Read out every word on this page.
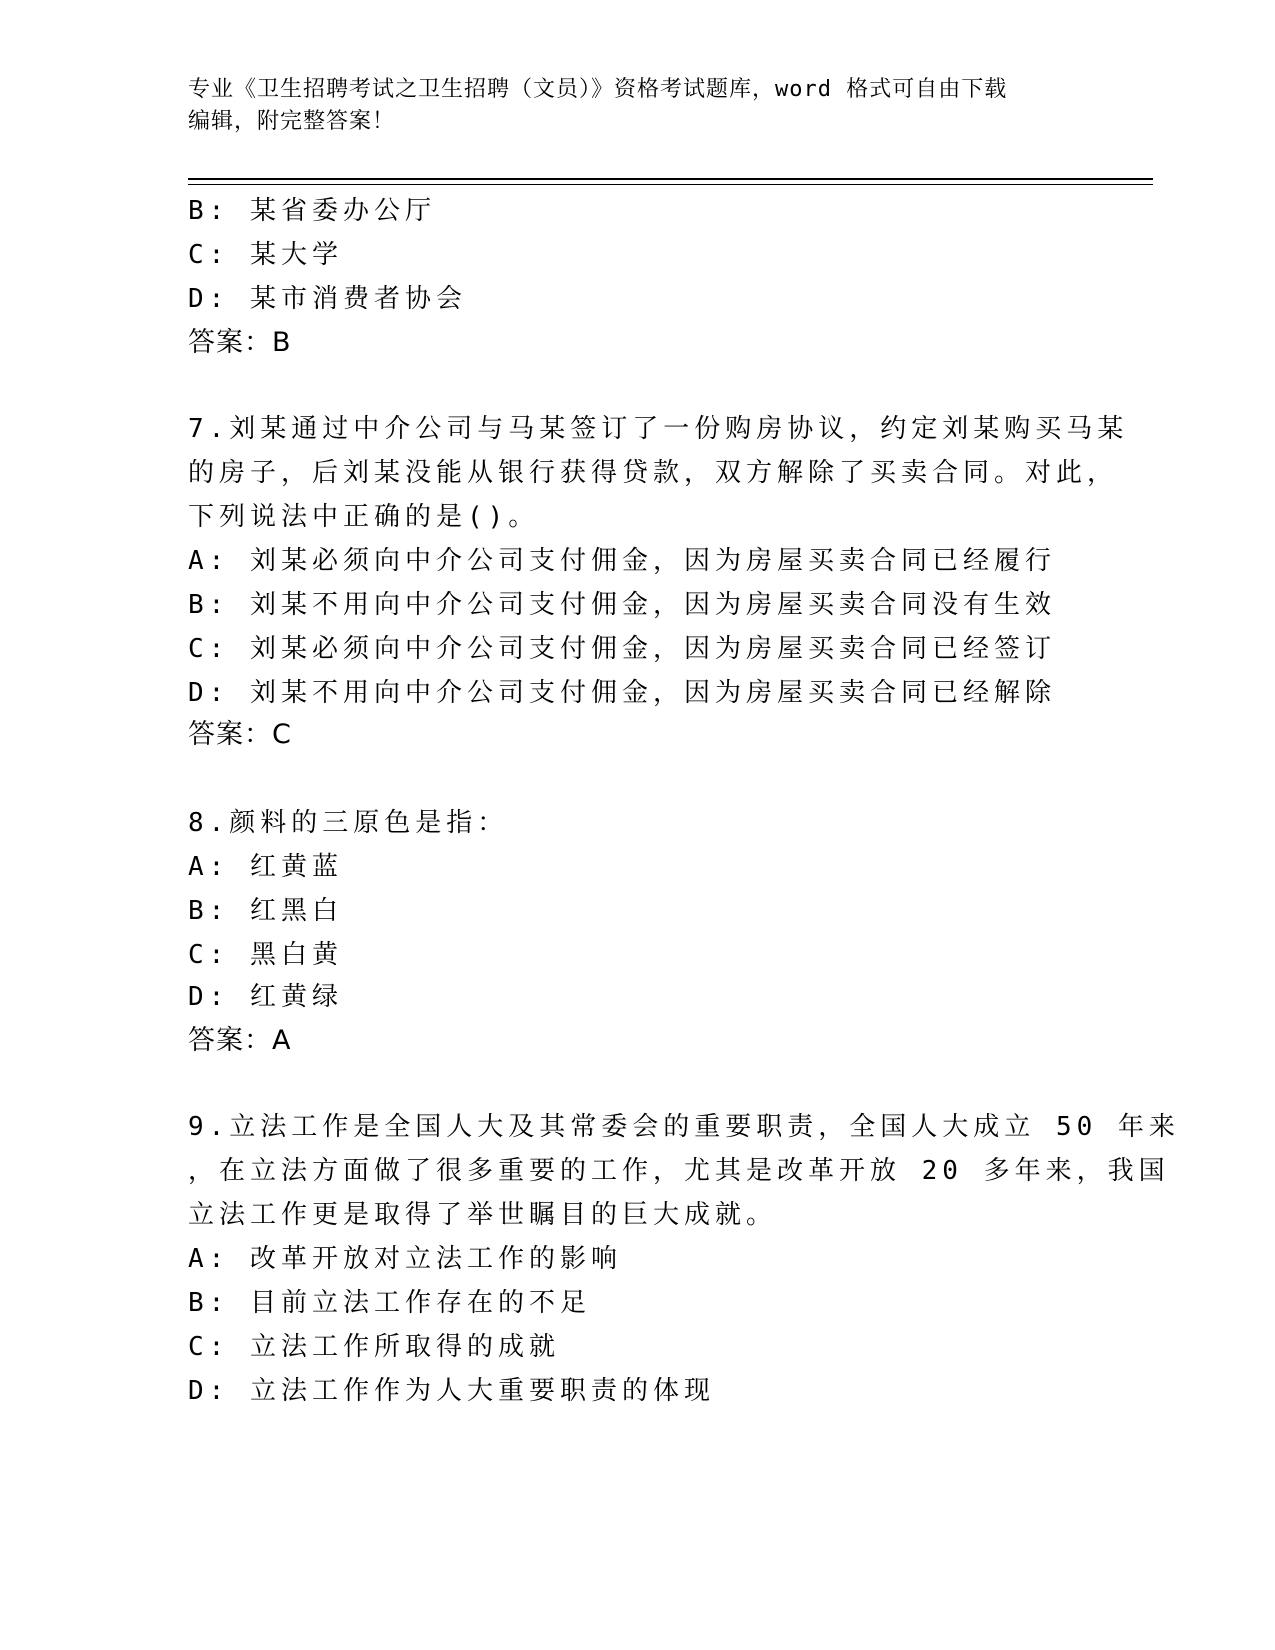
专业《卫生招聘考试之卫生招聘（文员）》资格考试题库，word 格式可自由下载
编辑，附完整答案！
B: 某省委办公厅
C: 某大学
D: 某市消费者协会
答案：B
7.刘某通过中介公司与马某签订了一份购房协议，约定刘某购买马某
的房子，后刘某没能从银行获得贷款，双方解除了买卖合同。对此，
下列说法中正确的是()。
A: 刘某必须向中介公司支付佣金，因为房屋买卖合同已经履行
B: 刘某不用向中介公司支付佣金，因为房屋买卖合同没有生效
C: 刘某必须向中介公司支付佣金，因为房屋买卖合同已经签订
D: 刘某不用向中介公司支付佣金，因为房屋买卖合同已经解除
答案：C
8.颜料的三原色是指：
A: 红黄蓝
B: 红黑白
C: 黑白黄
D: 红黄绿
答案：A
9.立法工作是全国人大及其常委会的重要职责，全国人大成立 50 年来
，在立法方面做了很多重要的工作，尤其是改革开放 20 多年来，我国
立法工作更是取得了举世瞩目的巨大成就。
A: 改革开放对立法工作的影响
B: 目前立法工作存在的不足
C: 立法工作所取得的成就
D: 立法工作作为人大重要职责的体现
